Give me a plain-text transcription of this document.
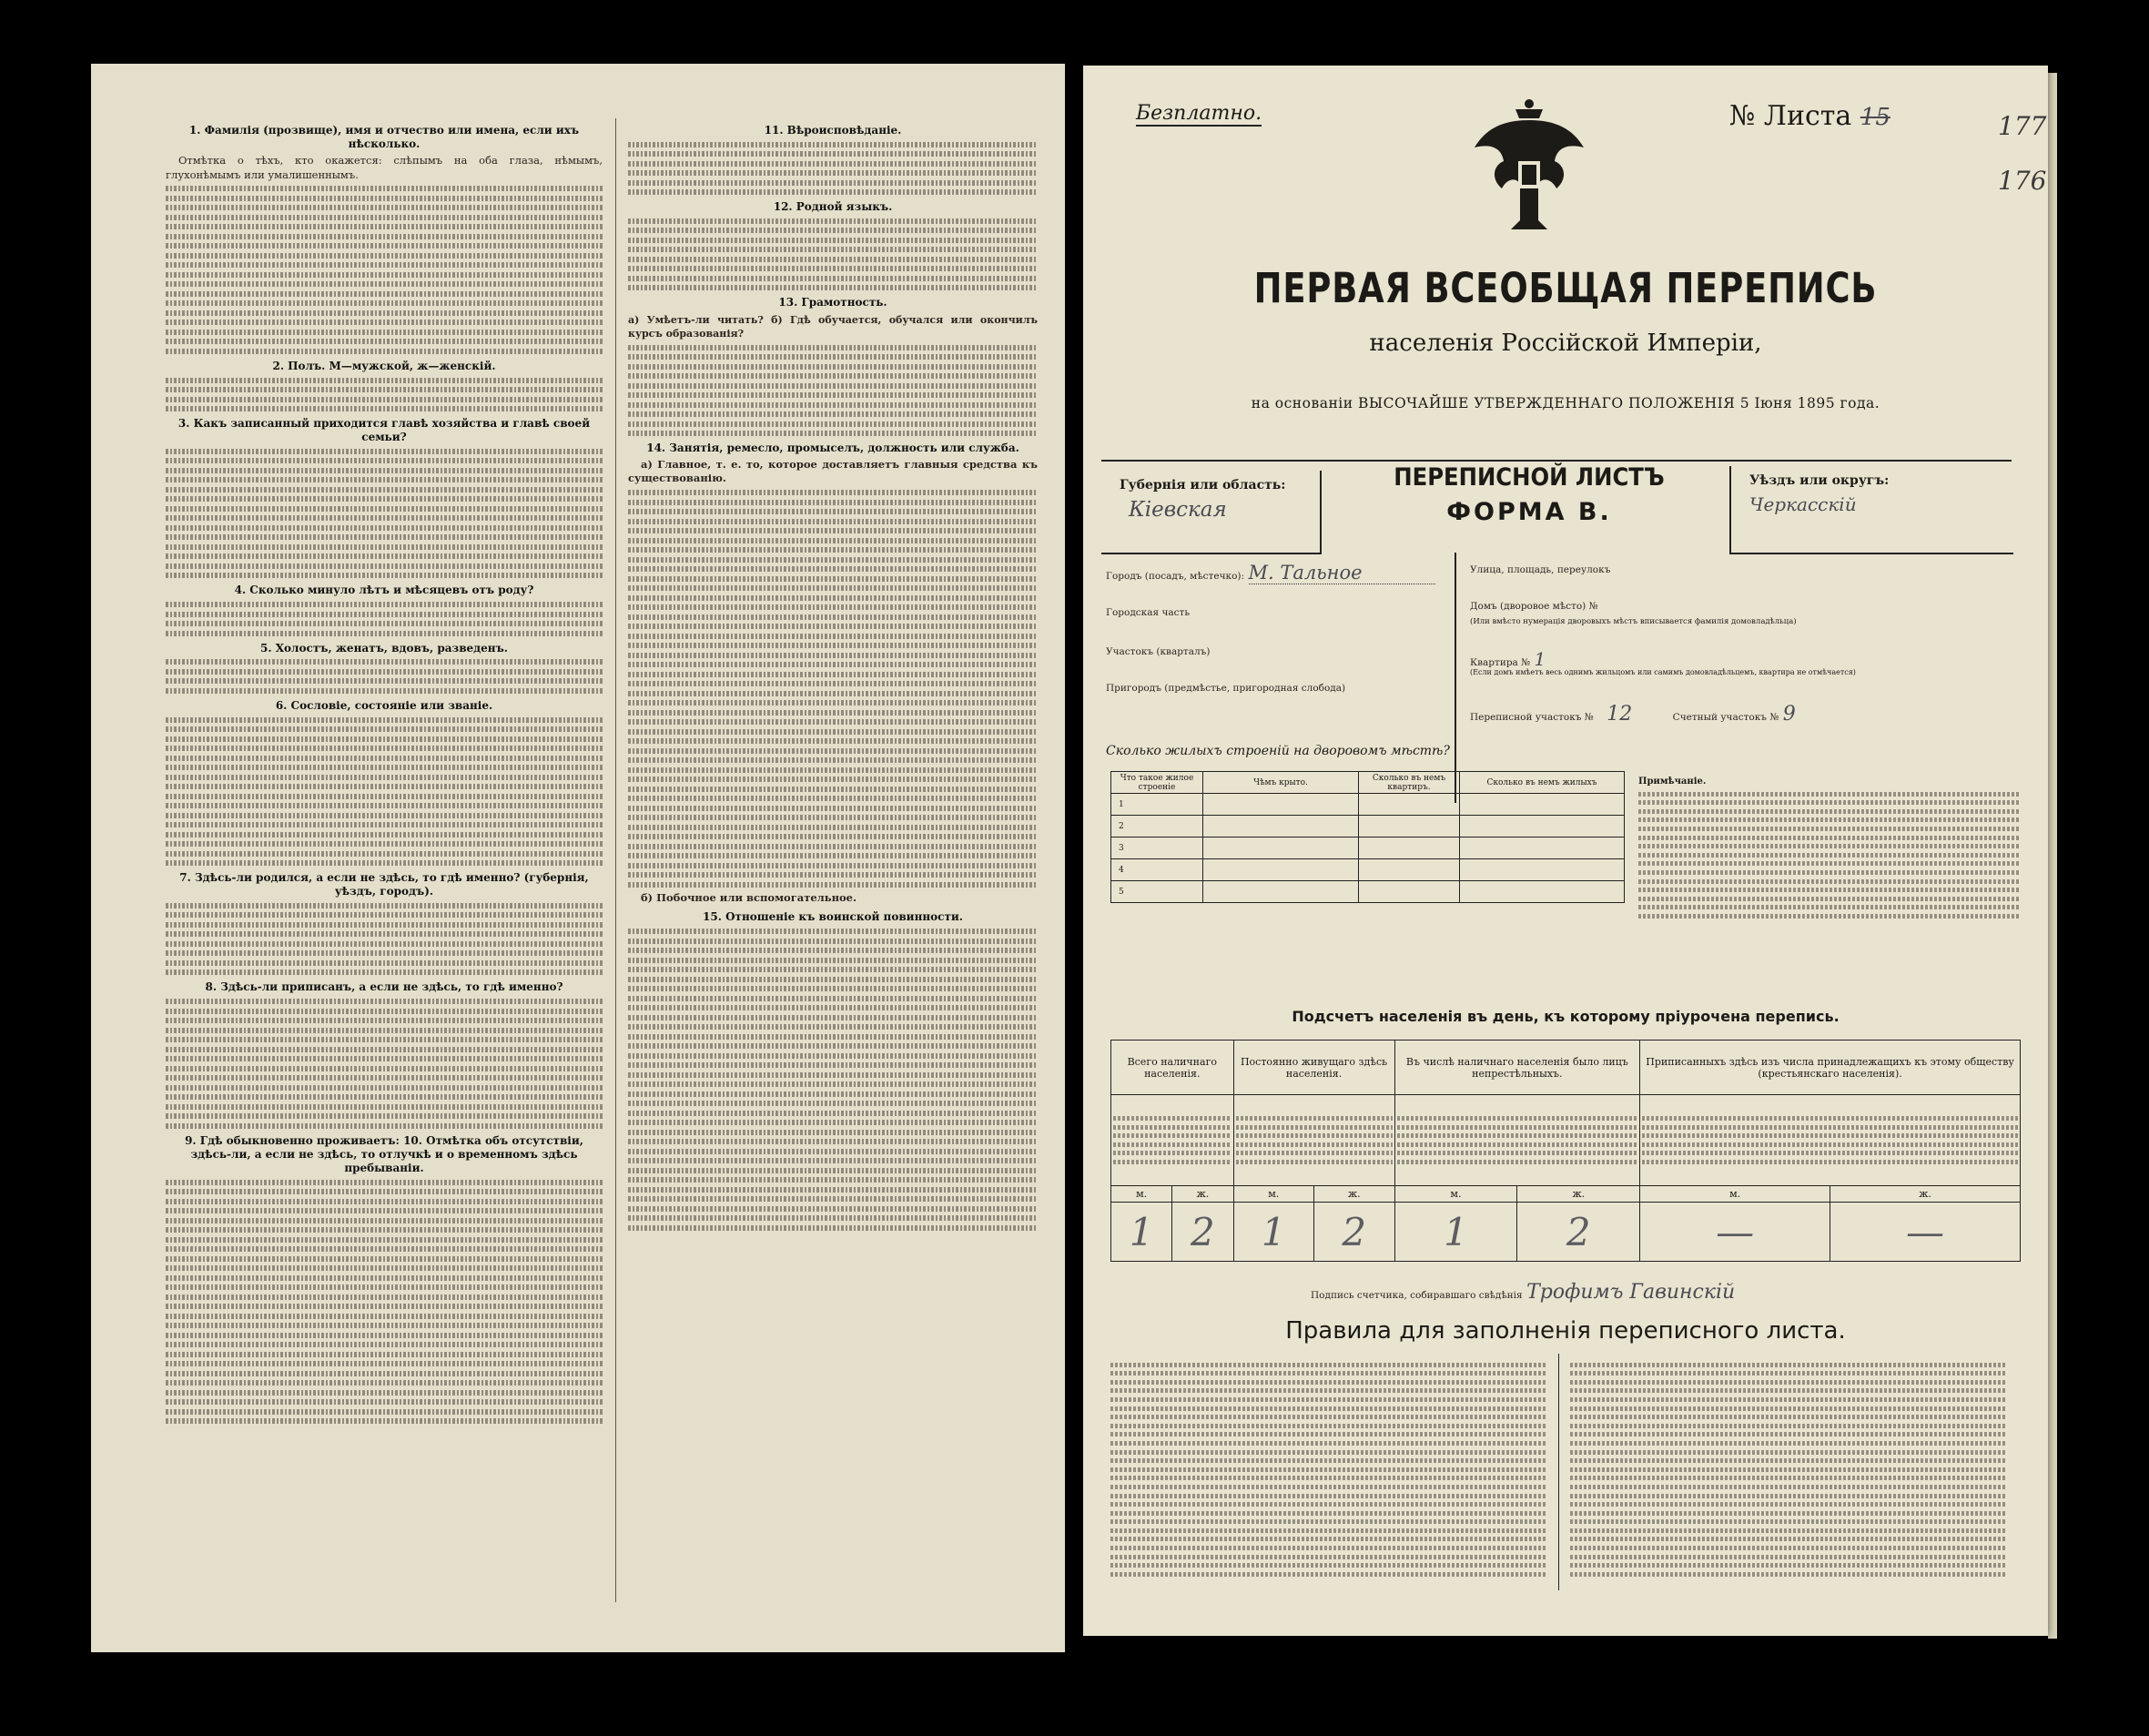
1. Фамилія (прозвище), имя и отчество или имена, если ихъ нѣсколько.

Отмѣтка о тѣхъ, кто окажется: слѣпымъ на оба глаза, нѣмымъ, глухонѣмымъ или умалишеннымъ.

2. Полъ. М—мужской, ж—женскій.
3. Какъ записанный приходится главѣ хозяйства и главѣ своей семьи?
4. Сколько минуло лѣтъ и мѣсяцевъ отъ роду?
5. Холостъ, женатъ, вдовъ, разведенъ.
6. Сословіе, состояніе или званіе.
7. Здѣсь-ли родился, а если не здѣсь, то гдѣ именно? (губернія, уѣздъ, городъ).
8. Здѣсь-ли приписанъ, а если не здѣсь, то гдѣ именно?
9. Гдѣ обыкновенно проживаетъ: 10. Отмѣтка объ отсутствіи, здѣсь-ли, а если не здѣсь, то отлучкѣ и о временномъ здѣсь пребываніи.
11. Вѣроисповѣданіе.
12. Родной языкъ.
13. Грамотность.

а) Умѣетъ-ли читать? б) Гдѣ обучается, обучался или окончилъ курсъ образованія?

14. Занятія, ремесло, промыселъ, должность или служба.

а) Главное, т. е. то, которое доставляетъ главныя средства къ существованію.

б) Побочное или вспомогательное.

15. Отношеніе къ воинской повинности.
Безплатно.	№ Листа 15	177
176
ПЕРВАЯ ВСЕОБЩАЯ ПЕРЕПИСЬ
населенія Россійской Имперіи,
на основаніи ВЫСОЧАЙШЕ УТВЕРЖДЕННАГО ПОЛОЖЕНІЯ 5 Іюня 1895 года.
Губернія или область:
Кіевская
ПЕРЕПИСНОЙ ЛИСТЪ
ФОРМА В.
Уѣздъ или округъ:
Черкасскій
Городъ (посадъ, мѣстечко): М. Тальное
Городская часть
Участокъ (кварталъ)
Пригородъ (предмѣстье, пригородная слобода)
Улица, площадь, переулокъ
Домъ (дворовое мѣсто) №
(Или вмѣсто нумерація дворовыхъ мѣстъ вписывается фамилія домовладѣльца)
Квартира № 1
(Если домъ имѣетъ весь однимъ жильцомъ или самимъ домовладѣльцемъ, квартира не отмѣчается)
Переписной участокъ № 12	Счетный участокъ № 9
Сколько жилыхъ строеній на дворовомъ мѣстѣ?
Что такое жилое строеніе	Чѣмъ крыто.	Сколько въ немъ квартиръ.	Сколько въ немъ жилыхъ
1			
2			
3			
4			
5			
Примѣчаніе.
Подсчетъ населенія въ день, къ которому пріурочена перепись.
Всего наличнаго населенія.		Постоянно живущаго здѣсь населенія.		Въ числѣ наличнаго населенія было лицъ непрестѣльныхъ.		Приписанныхъ здѣсь изъ числа принадлежащихъ къ этому обществу (крестьянскаго населенія).	

м.	ж.	м.	ж.	м.	ж.	м.	ж.
1	2	1	2	1	2	—	—
Подпись счетчика, собиравшаго свѣдѣнія Трофимъ Гавинскій
Правила для заполненія переписного листа.
